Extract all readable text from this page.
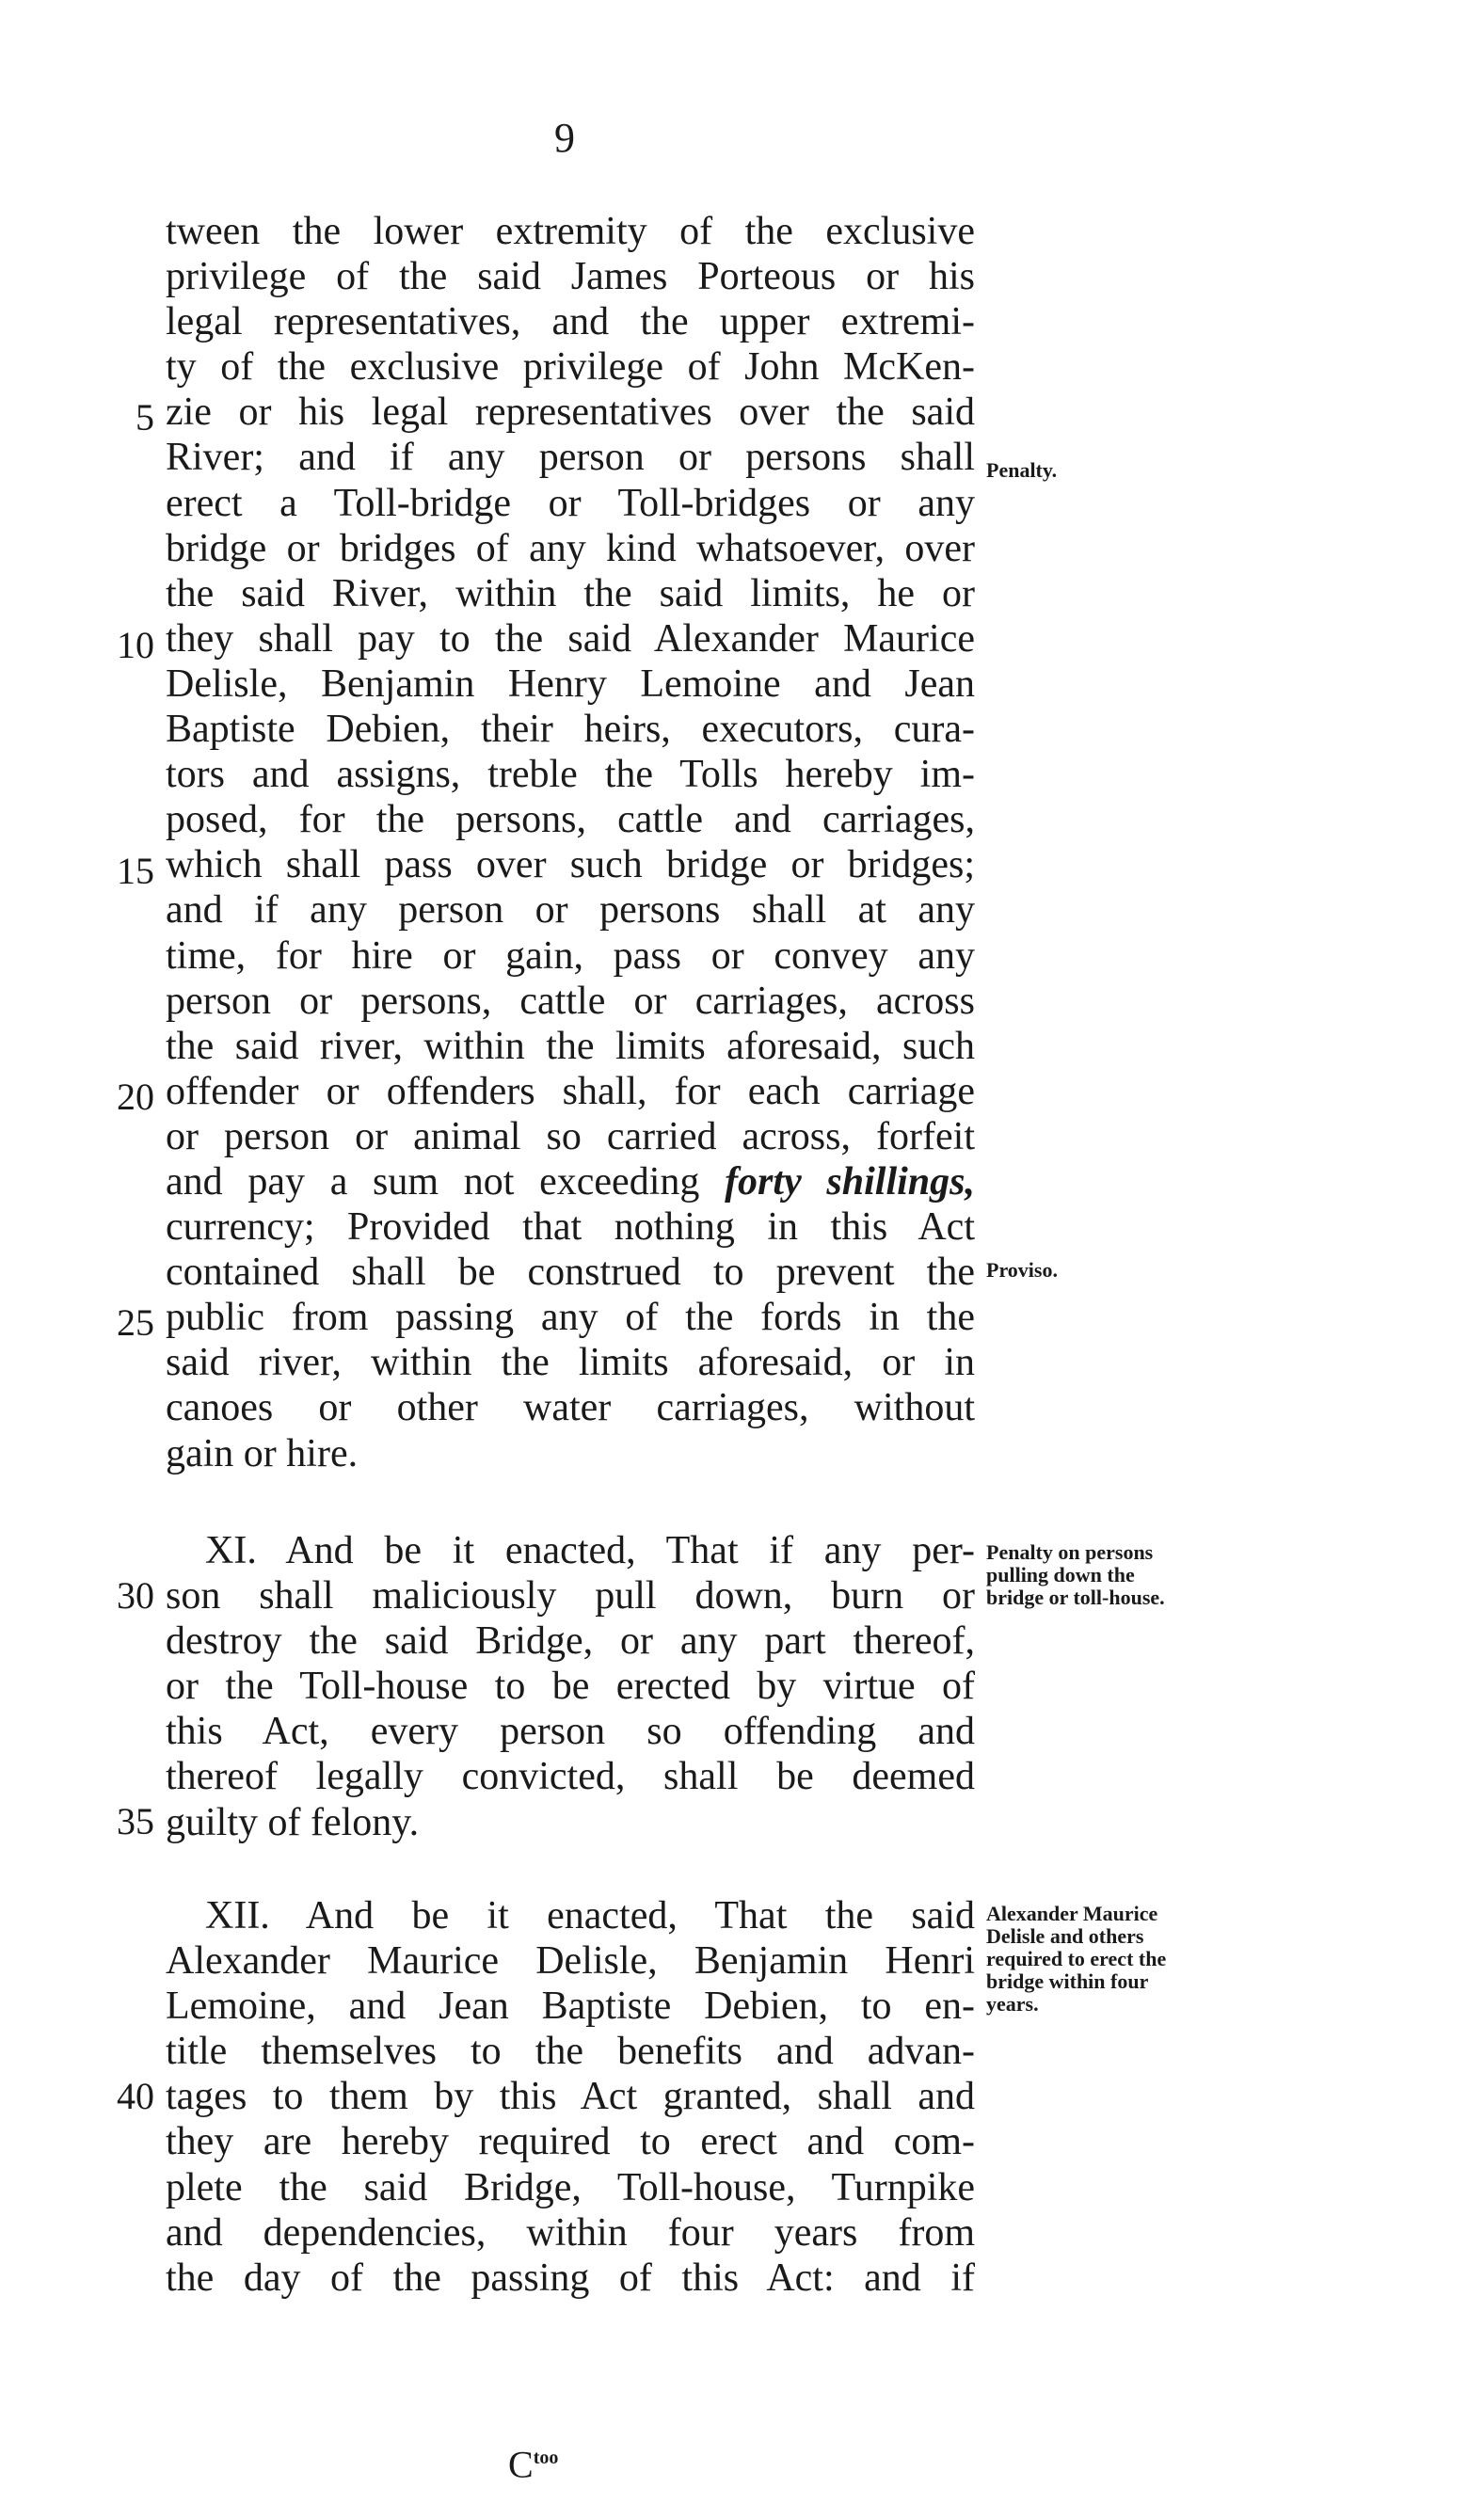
9
tween the lower extremity of the exclusive
privilege of the said James Porteous or his
legal representatives, and the upper extremi-
ty of the exclusive privilege of John McKen-
zie or his legal representatives over the said
River; and if any person or persons shall
erect a Toll-bridge or Toll-bridges or any
bridge or bridges of any kind whatsoever, over
the said River, within the said limits, he or
they shall pay to the said Alexander Maurice
Delisle, Benjamin Henry Lemoine and Jean
Baptiste Debien, their heirs, executors, cura-
tors and assigns, treble the Tolls hereby im-
posed, for the persons, cattle and carriages,
which shall pass over such bridge or bridges;
and if any person or persons shall at any
time, for hire or gain, pass or convey any
person or persons, cattle or carriages, across
the said river, within the limits aforesaid, such
offender or offenders shall, for each carriage
or person or animal so carried across, forfeit
and pay a sum not exceeding forty shillings,
currency; Provided that nothing in this Act
contained shall be construed to prevent the
public from passing any of the fords in the
said river, within the limits aforesaid, or in
canoes or other water carriages, without
gain or hire.
XI. And be it enacted, That if any per-
son shall maliciously pull down, burn or
destroy the said Bridge, or any part thereof,
or the Toll-house to be erected by virtue of
this Act, every person so offending and
thereof legally convicted, shall be deemed
guilty of felony.
XII. And be it enacted, That the said
Alexander Maurice Delisle, Benjamin Henri
Lemoine, and Jean Baptiste Debien, to en-
title themselves to the benefits and advan-
tages to them by this Act granted, shall and
they are hereby required to erect and com-
plete the said Bridge, Toll-house, Turnpike
and dependencies, within four years from
the day of the passing of this Act: and if
5
10
15
20
25
30
35
40
Penalty.
Proviso.
Penalty on persons pulling down the bridge or toll-house.
Alexander Maurice Delisle and others required to erect the bridge within four years.
$C^{too}$
